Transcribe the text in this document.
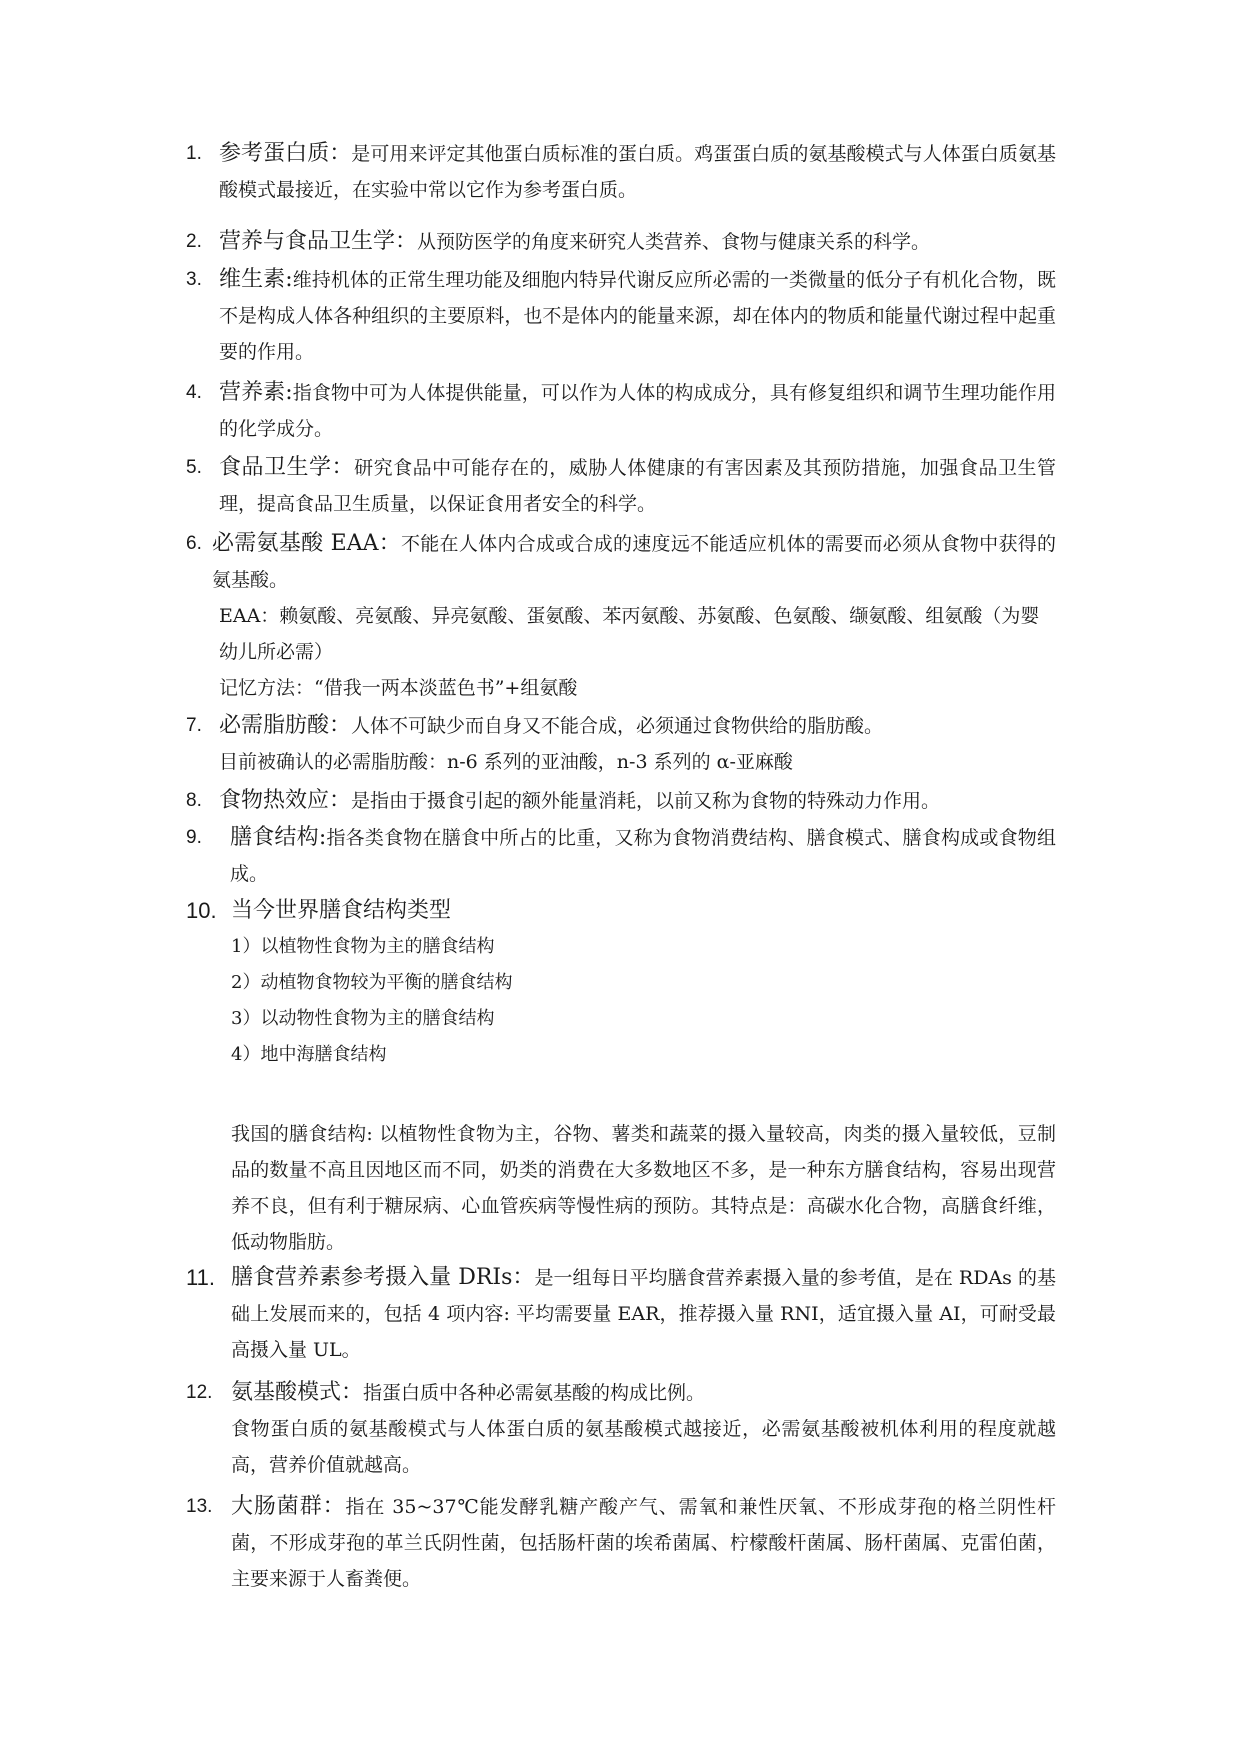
1. 参考蛋白质：是可用来评定其他蛋白质标准的蛋白质。鸡蛋蛋白质的氨基酸模式与人体蛋白质氨基酸模式最接近，在实验中常以它作为参考蛋白质。

2. 营养与食品卫生学：从预防医学的角度来研究人类营养、食物与健康关系的科学。

3. 维生素:维持机体的正常生理功能及细胞内特异代谢反应所必需的一类微量的低分子有机化合物，既不是构成人体各种组织的主要原料，也不是体内的能量来源，却在体内的物质和能量代谢过程中起重要的作用。

4. 营养素:指食物中可为人体提供能量，可以作为人体的构成成分，具有修复组织和调节生理功能作用的化学成分。

5. 食品卫生学：研究食品中可能存在的，威胁人体健康的有害因素及其预防措施，加强食品卫生管理，提高食品卫生质量，以保证食用者安全的科学。

6. 必需氨基酸 EAA：不能在人体内合成或合成的速度远不能适应机体的需要而必须从食物中获得的氨基酸。

EAA：赖氨酸、亮氨酸、异亮氨酸、蛋氨酸、苯丙氨酸、苏氨酸、色氨酸、缬氨酸、组氨酸（为婴幼儿所必需）

记忆方法：“借我一两本淡蓝色书”+组氨酸

7. 必需脂肪酸：人体不可缺少而自身又不能合成，必须通过食物供给的脂肪酸。

目前被确认的必需脂肪酸：n-6 系列的亚油酸，n-3 系列的 α-亚麻酸

8. 食物热效应：是指由于摄食引起的额外能量消耗，以前又称为食物的特殊动力作用。

9.	膳食结构:指各类食物在膳食中所占的比重，又称为食物消费结构、膳食模式、膳食构成或食物组成。

10. 当今世界膳食结构类型

1）以植物性食物为主的膳食结构
2）动植物食物较为平衡的膳食结构
3）以动物性食物为主的膳食结构
4）地中海膳食结构

我国的膳食结构: 以植物性食物为主，谷物、薯类和蔬菜的摄入量较高，肉类的摄入量较低，豆制品的数量不高且因地区而不同，奶类的消费在大多数地区不多，是一种东方膳食结构，容易出现营养不良，但有利于糖尿病、心血管疾病等慢性病的预防。其特点是：高碳水化合物，高膳食纤维，低动物脂肪。

11. 膳食营养素参考摄入量 DRIs：是一组每日平均膳食营养素摄入量的参考值，是在 RDAs 的基础上发展而来的，包括 4 项内容: 平均需要量 EAR，推荐摄入量 RNI，适宜摄入量 AI，可耐受最高摄入量 UL。

12. 氨基酸模式：指蛋白质中各种必需氨基酸的构成比例。

食物蛋白质的氨基酸模式与人体蛋白质的氨基酸模式越接近，必需氨基酸被机体利用的程度就越高，营养价值就越高。

13. 大肠菌群：指在 35~37℃能发酵乳糖产酸产气、需氧和兼性厌氧、不形成芽孢的格兰阴性杆菌，不形成芽孢的革兰氏阴性菌，包括肠杆菌的埃希菌属、柠檬酸杆菌属、肠杆菌属、克雷伯菌，主要来源于人畜粪便。
